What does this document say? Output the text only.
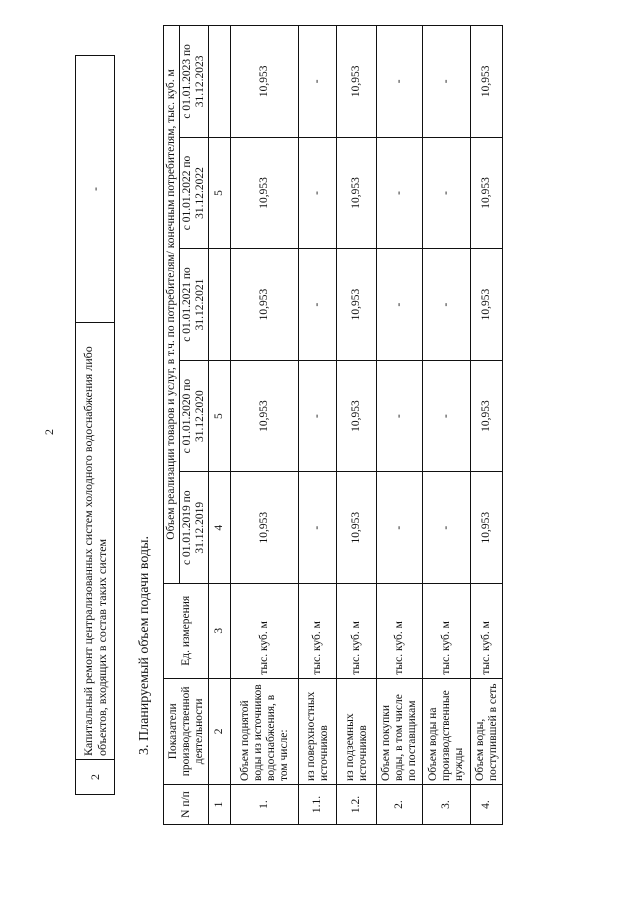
2
2	Капитальный ремонт централизованных систем холодного водоснабжения либо объектов, входящих в состав таких систем	-
3. Планируемый объем подачи воды.
N п/п	Показатели производственной деятельности	Ед. измерения	Объем реализации товаров и услуг, в т.ч. по потребителям/ конечным потребителям, тыс. куб. м				
			с 01.01.2019 по 31.12.2019	с 01.01.2020 по 31.12.2020	с 01.01.2021 по 31.12.2021	с 01.01.2022 по 31.12.2022	с 01.01.2023 по 31.12.2023
1	2	3	4	5		5	
1.	Объем поднятой воды из источников водоснабжения, в том числе:	тыс. куб. м	10,953	10,953	10,953	10,953	10,953
1.1.	из поверхностных источников	тыс. куб. м	-	-	-	-	-
1.2.	из подземных источников	тыс. куб. м	10,953	10,953	10,953	10,953	10,953
2.	Объем покупки воды, в том числе по поставщикам	тыс. куб. м	-	-	-	-	-
3.	Объем воды на производственные нужды	тыс. куб. м	-	-	-	-	-
4.	Объем воды, поступившей в сеть	тыс. куб. м	10,953	10,953	10,953	10,953	10,953
